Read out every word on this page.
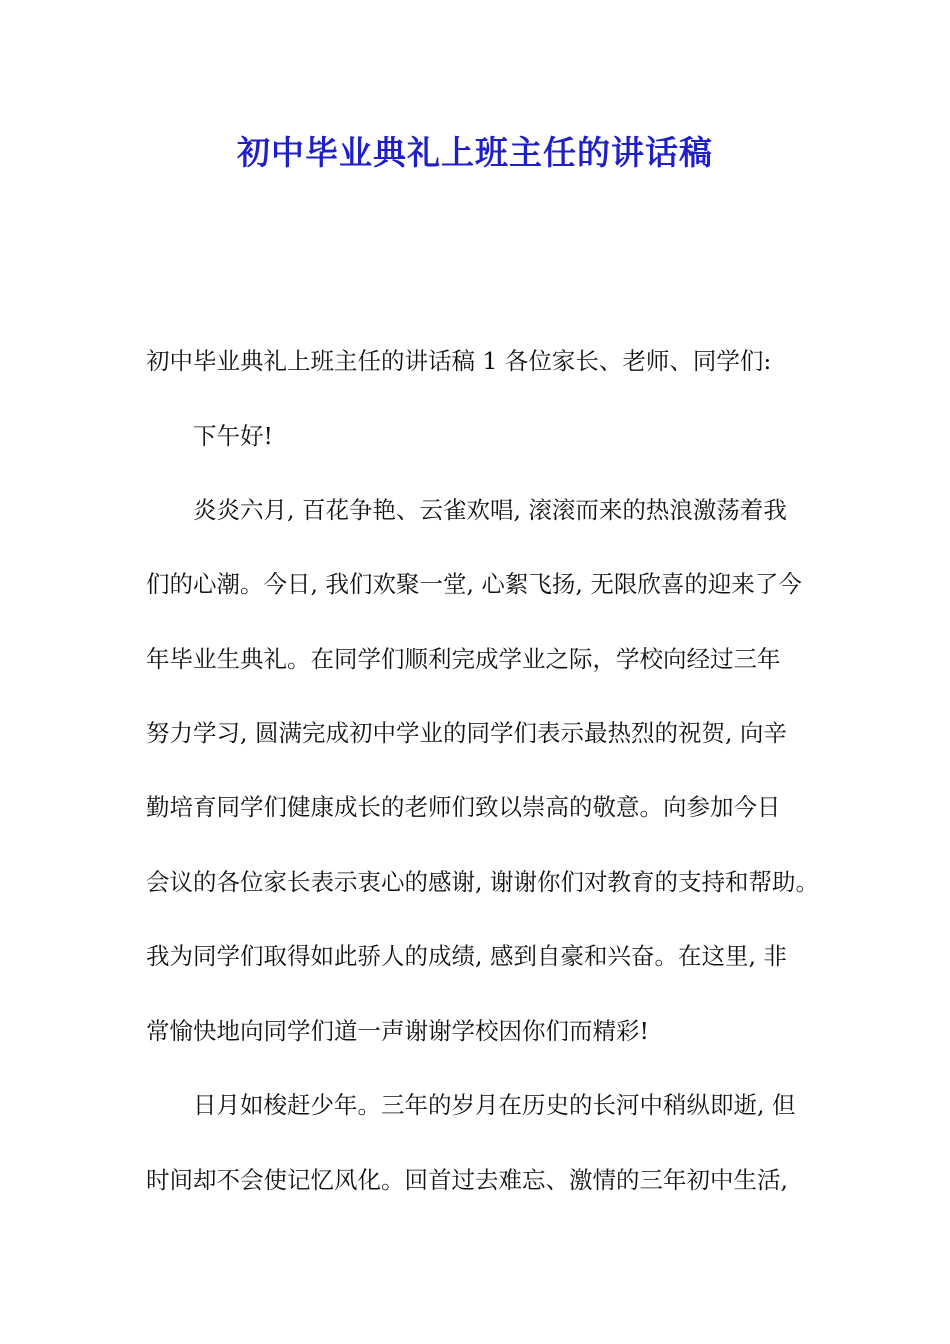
初中毕业典礼上班主任的讲话稿
初中毕业典礼上班主任的讲话稿 1 各位家长、老师、同学们:
下午好!
炎炎六月, 百花争艳、云雀欢唱, 滚滚而来的热浪激荡着我
们的心潮。今日, 我们欢聚一堂, 心絮飞扬, 无限欣喜的迎来了今
年毕业生典礼。在同学们顺利完成学业之际，学校向经过三年
努力学习, 圆满完成初中学业的同学们表示最热烈的祝贺, 向辛
勤培育同学们健康成长的老师们致以崇高的敬意。向参加今日
会议的各位家长表示衷心的感谢, 谢谢你们对教育的支持和帮助。
我为同学们取得如此骄人的成绩, 感到自豪和兴奋。在这里, 非
常愉快地向同学们道一声谢谢学校因你们而精彩!
日月如梭赶少年。三年的岁月在历史的长河中稍纵即逝, 但
时间却不会使记忆风化。回首过去难忘、激情的三年初中生活,
